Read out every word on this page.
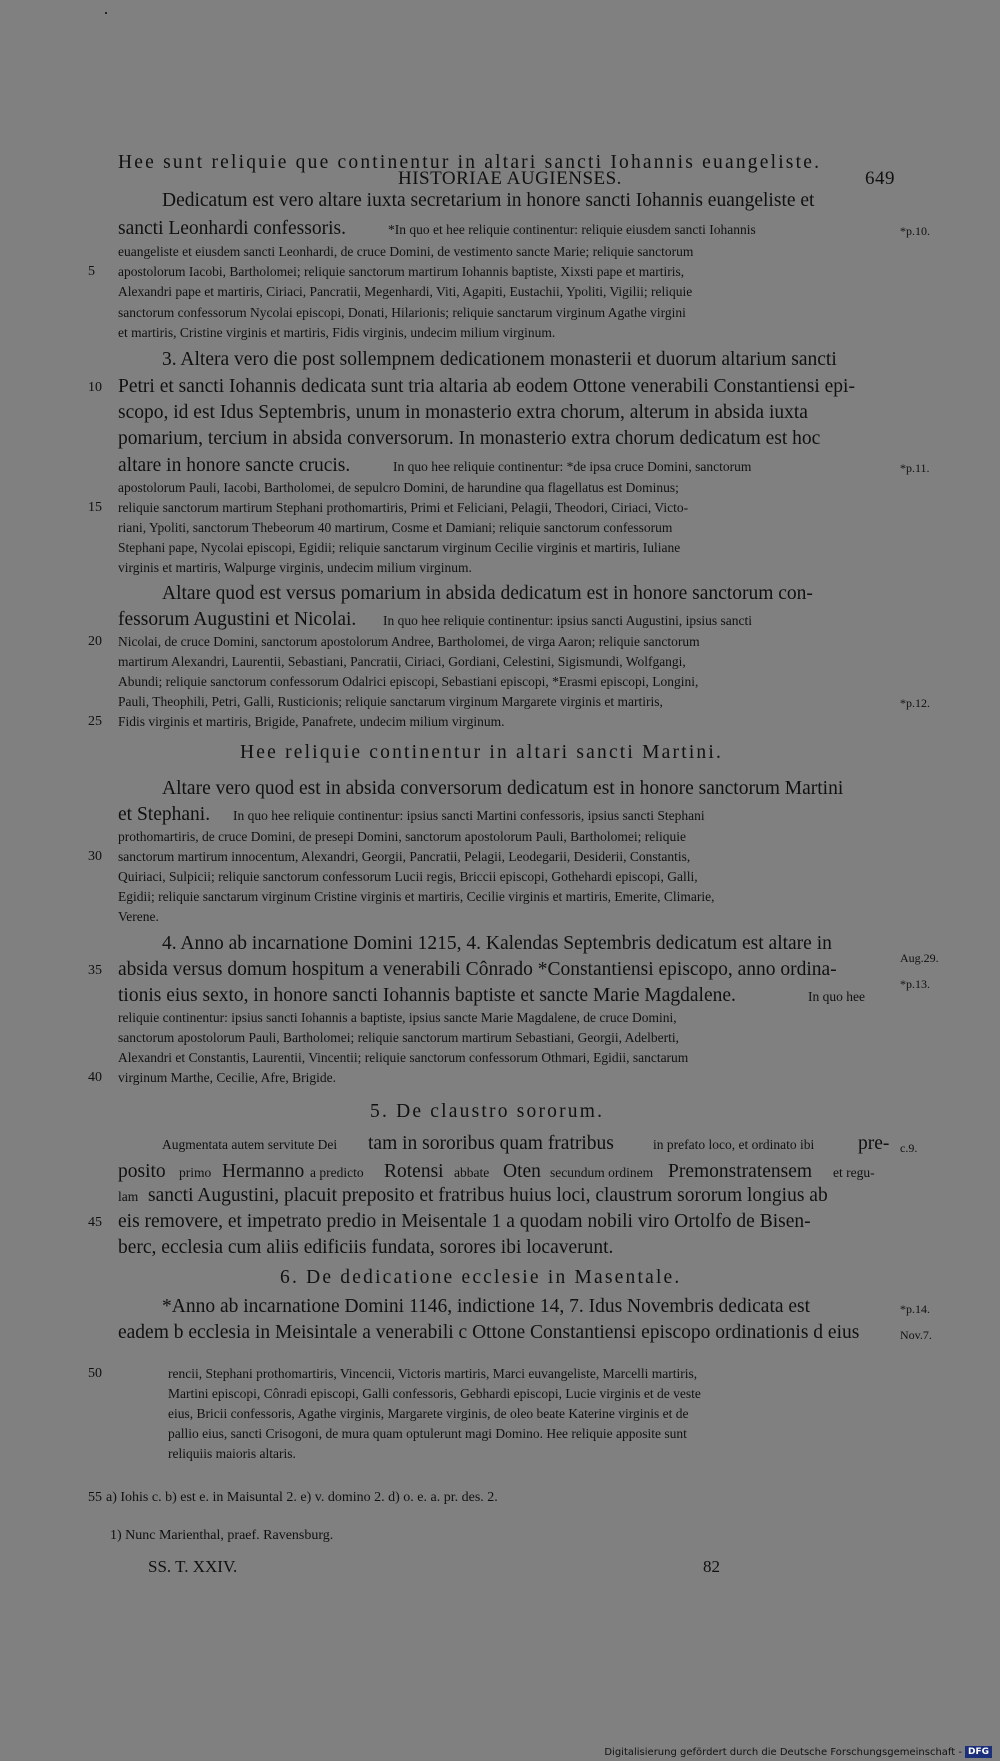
HISTORIAE AUGIENSES.	649
Hee sunt reliquie que continentur in altari sancti Iohannis euangeliste.
Dedicatum est vero altare iuxta secretarium in honore sancti Iohannis euangeliste et
sancti Leonhardi confessoris.	*In quo et hee reliquie continentur: reliquie eiusdem sancti Iohannis
euangeliste et eiusdem sancti Leonhardi, de cruce Domini, de vestimento sancte Marie; reliquie sanctorum
apostolorum Iacobi, Bartholomei; reliquie sanctorum martirum Iohannis baptiste, Xixsti pape et martiris,
Alexandri pape et martiris, Ciriaci, Pancratii, Megenhardi, Viti, Agapiti, Eustachii, Ypoliti, Vigilii; reliquie
sanctorum confessorum Nycolai episcopi, Donati, Hilarionis; reliquie sanctarum virginum Agathe virgini
et martiris, Cristine virginis et martiris, Fidis virginis, undecim milium virginum.
3. Altera vero die post sollempnem dedicationem monasterii et duorum altarium sancti
Petri et sancti Iohannis dedicata sunt tria altaria ab eodem Ottone venerabili Constantiensi epi-
scopo, id est Idus Septembris, unum in monasterio extra chorum, alterum in absida iuxta
pomarium, tercium in absida conversorum. In monasterio extra chorum dedicatum est hoc
altare in honore sancte crucis.	In quo hee reliquie continentur: *de ipsa cruce Domini, sanctorum
apostolorum Pauli, Iacobi, Bartholomei, de sepulcro Domini, de harundine qua flagellatus est Dominus;
reliquie sanctorum martirum Stephani prothomartiris, Primi et Feliciani, Pelagii, Theodori, Ciriaci, Victo-
riani, Ypoliti, sanctorum Thebeorum 40 martirum, Cosme et Damiani; reliquie sanctorum confessorum
Stephani pape, Nycolai episcopi, Egidii; reliquie sanctarum virginum Cecilie virginis et martiris, Iuliane
virginis et martiris, Walpurge virginis, undecim milium virginum.
Altare quod est versus pomarium in absida dedicatum est in honore sanctorum con-
fessorum Augustini et Nicolai. In quo hee reliquie continentur: ipsius sancti Augustini, ipsius sancti
Nicolai, de cruce Domini, sanctorum apostolorum Andree, Bartholomei, de virga Aaron; reliquie sanctorum
martirum Alexandri, Laurentii, Sebastiani, Pancratii, Ciriaci, Gordiani, Celestini, Sigismundi, Wolfgangi,
Abundi; reliquie sanctorum confessorum Odalrici episcopi, Sebastiani episcopi, *Erasmi episcopi, Longini,
Pauli, Theophili, Petri, Galli, Rusticionis; reliquie sanctarum virginum Margarete virginis et martiris,
Fidis virginis et martiris, Brigide, Panafrete, undecim milium virginum.
Hee reliquie continentur in altari sancti Martini.
Altare vero quod est in absida conversorum dedicatum est in honore sanctorum Martini
et Stephani. In quo hee reliquie continentur: ipsius sancti Martini confessoris, ipsius sancti Stephani
prothomartiris, de cruce Domini, de presepi Domini, sanctorum apostolorum Pauli, Bartholomei; reliquie
sanctorum martirum innocentum, Alexandri, Georgii, Pancratii, Pelagii, Leodegarii, Desiderii, Constantis,
Quiriaci, Sulpicii; reliquie sanctorum confessorum Lucii regis, Briccii episcopi, Gothehardi episcopi, Galli,
Egidii; reliquie sanctarum virginum Cristine virginis et martiris, Cecilie virginis et martiris, Emerite, Climarie,
Verene.
4. Anno ab incarnatione Domini 1215, 4. Kalendas Septembris dedicatum est altare in
absida versus domum hospitum a venerabili Cônrado *Constantiensi episcopo, anno ordina-
tionis eius sexto, in honore sancti Iohannis baptiste et sancte Marie Magdalene.	In quo hee
reliquie continentur: ipsius sancti Iohannis a baptiste, ipsius sancte Marie Magdalene, de cruce Domini,
sanctorum apostolorum Pauli, Bartholomei; reliquie sanctorum martirum Sebastiani, Georgii, Adelberti,
Alexandri et Constantis, Laurentii, Vincentii; reliquie sanctorum confessorum Othmari, Egidii, sanctarum
virginum Marthe, Cecilie, Afre, Brigide.
5. De claustro sororum.
Augmentata autem servitute Dei tam in sororibus quam fratribus	in prefato loco, et ordinato ibi pre-
posito primo Hermanno a predicto Rotensi abbate Oten secundum ordinem Premonstratensem et regu-
lam sancti Augustini, placuit preposito et fratribus huius loci, claustrum sororum longius ab
eis removere, et impetrato predio in Meisentale 1 a quodam nobili viro Ortolfo de Bisen-
berc, ecclesia cum aliis edificiis fundata, sorores ibi locaverunt.
6. De dedicatione ecclesie in Masentale.
*Anno ab incarnatione Domini 1146, indictione 14, 7. Idus Novembris dedicata est
eadem b ecclesia in Meisintale a venerabili c Ottone Constantiensi episcopo ordinationis d eius
rencii, Stephani prothomartiris, Vincencii, Victoris martiris, Marci euvangeliste, Marcelli martiris,
Martini episcopi, Cônradi episcopi, Galli confessoris, Gebhardi episcopi, Lucie virginis et de veste
eius, Bricii confessoris, Agathe virginis, Margarete virginis, de oleo beate Katerine virginis et de
pallio eius, sancti Crisogoni, de mura quam optulerunt magi Domino. Hee reliquie apposite sunt
reliquiis maioris altaris.
5
10
15
20
25
30
35
40
45
50
55
*p.10.
*p.11.
*p.12.
Aug.29.
*p.13.
c.9.
*p.14.
Nov.7.
a) Iohis c. b) est e. in Maisuntal 2. e) v. domino 2. d) o. e. a. pr. des. 2.
1) Nunc Marienthal, praef. Ravensburg.
SS. T. XXIV.	82
Digitalisierung gefördert durch die Deutsche Forschungsgemeinschaft - DFG
